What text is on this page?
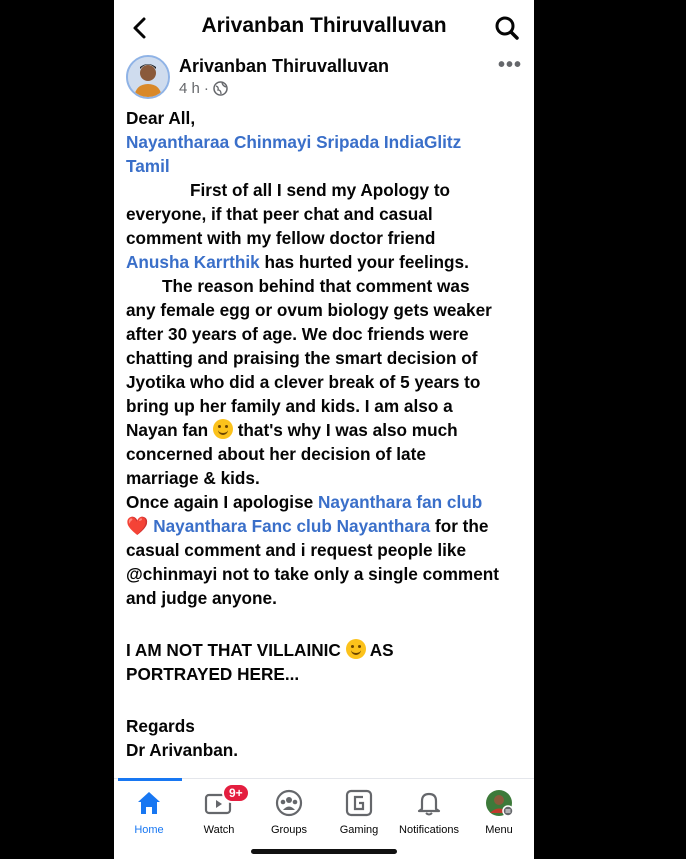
Arivanban Thiruvalluvan
Arivanban Thiruvalluvan
4 h ·
•••

Dear All,

Nayantharaa Chinmayi Sripada IndiaGlitz

Tamil

First of all I send my Apology to

everyone, if that peer chat and casual

comment with my fellow doctor friend

Anusha Karrthik has hurted your feelings.

The reason behind that comment was

any female egg or ovum biology gets weaker

after 30 years of age. We doc friends were

chatting and praising the smart decision of

Jyotika who did a clever break of 5 years to

bring up her family and kids. I am also a

Nayan fan
that's why I was also much

concerned about her decision of late

marriage & kids.

Once again I apologise Nayanthara fan club

❤️ Nayanthara Fanc club Nayanthara for the

casual comment and i request people like

@chinmayi not to take only a single comment

and judge anyone.

I AM NOT THAT VILLAINIC
AS

PORTRAYED HERE...

Regards

Dr Arivanban.

Home
9+
Watch	Groups	Gaming	Notifications	Menu
